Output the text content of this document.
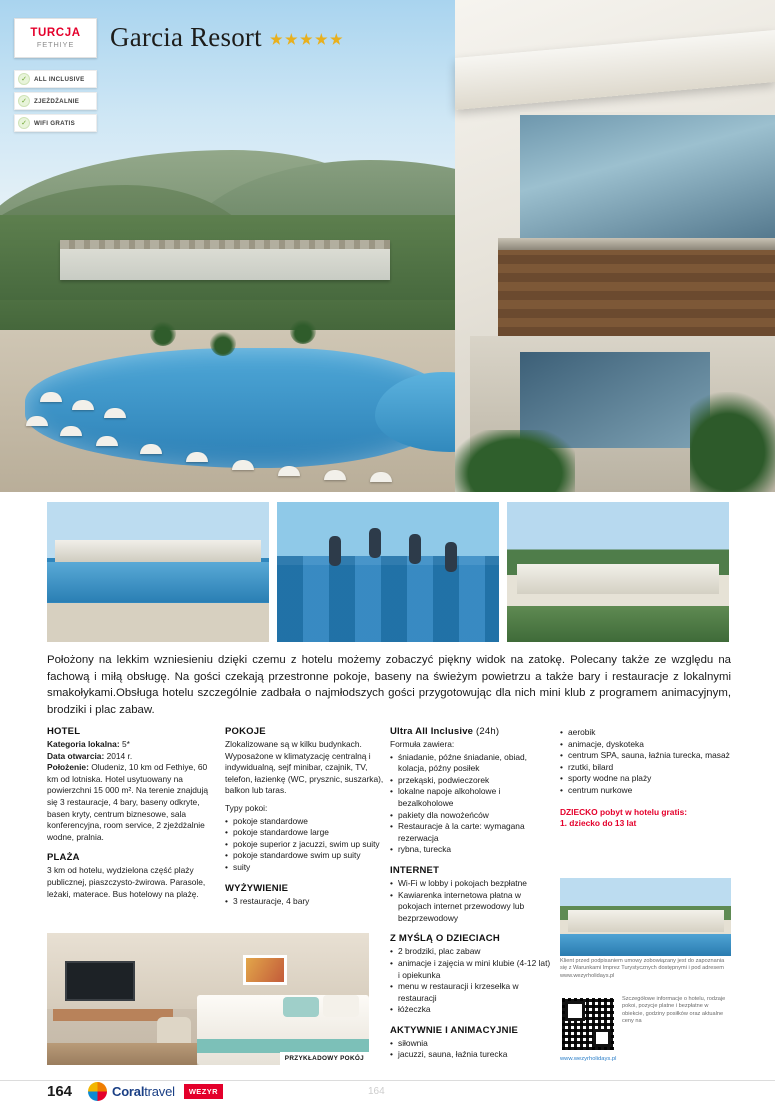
TURCJA
FETHIYE
✓	ALL INCLUSIVE
✓	ZJEŻDŻALNIE
✓	WIFI GRATIS
Garcia Resort

Położony na lekkim wzniesieniu dzięki czemu z hotelu możemy zobaczyć piękny widok na zatokę. Polecany także ze względu na fachową i miłą obsługę. Na gości czekają przestronne pokoje, baseny na świeżym powietrzu a także bary i restauracje z lokalnymi smakołykami.Obsługa hotelu szczególnie zadbała o najmłodszych gości przygotowując dla nich mini klub z programem animacyjnym, brodziki i plac zabaw.

HOTEL
Kategoria lokalna: 5*
Data otwarcia: 2014 r.
Położenie: Oludeniz, 10 km od Fethiye, 60 km od lotniska. Hotel usytuowany na powierzchni 15 000 m². Na terenie znajdują się 3 restauracje, 4 bary, baseny odkryte, basen kryty, centrum biznesowe, sala konferencyjna, room service, 2 zjeżdżalnie wodne, pralnia.
PLAŻA
3 km od hotelu, wydzielona część plaży publicznej, piaszczysto-żwirowa. Parasole, leżaki, materace. Bus hotelowy na plażę.
POKOJE
Zlokalizowane są w kilku budynkach. Wyposażone w klimatyzację centralną i indywidualną, sejf minibar, czajnik, TV, telefon, łazienkę (WC, prysznic, suszarka), balkon lub taras.
Typy pokoi:
• pokoje standardowe
• pokoje standardowe large
• pokoje superior z jacuzzi, swim up suity
• pokoje standardowe swim up suity
• suity
WYŻYWIENIE
• 3 restauracje, 4 bary
Ultra All Inclusive (24h)
Formuła zawiera:
• śniadanie, późne śniadanie, obiad, kolacja, późny posiłek
• przekąski, podwieczorek
• lokalne napoje alkoholowe i bezalkoholowe
• pakiety dla nowożeńców
• Restauracje à la carte: wymagana rezerwacja
• rybna, turecka
INTERNET
• Wi-Fi w lobby i pokojach bezpłatne
• Kawiarenka internetowa płatna w pokojach internet przewodowy lub bezprzewodowy
Z MYŚLĄ O DZIECIACH
• 2 brodziki, plac zabaw
• animacje i zajęcia w mini klubie (4-12 lat) i opiekunka
• menu w restauracji i krzesełka w restauracji
• łóżeczka
AKTYWNIE I ANIMACYJNIE
• siłownia
• jacuzzi, sauna, łaźnia turecka
• aerobik
• animacje, dyskoteka
• centrum SPA, sauna, łaźnia turecka, masaż
• rzutki, bilard
• sporty wodne na plaży
• centrum nurkowe
DZIECKO pobyt w hotelu gratis:
1. dziecko do 13 lat
PRZYKŁADOWY POKÓJ
Klient przed podpisaniem umowy zobowiązany jest do zapoznania się z Warunkami Imprez Turystycznych dostępnymi i pod adresem www.wezyrholidays.pl
Szczegółowe informacje o hotelu, rodzaje pokoi, pozycje platne i bezpłatne w obiekcie, godziny posiłków oraz aktualne ceny na
www.wezyrholidays.pl
164	164
Coraltravel	WEZYR
